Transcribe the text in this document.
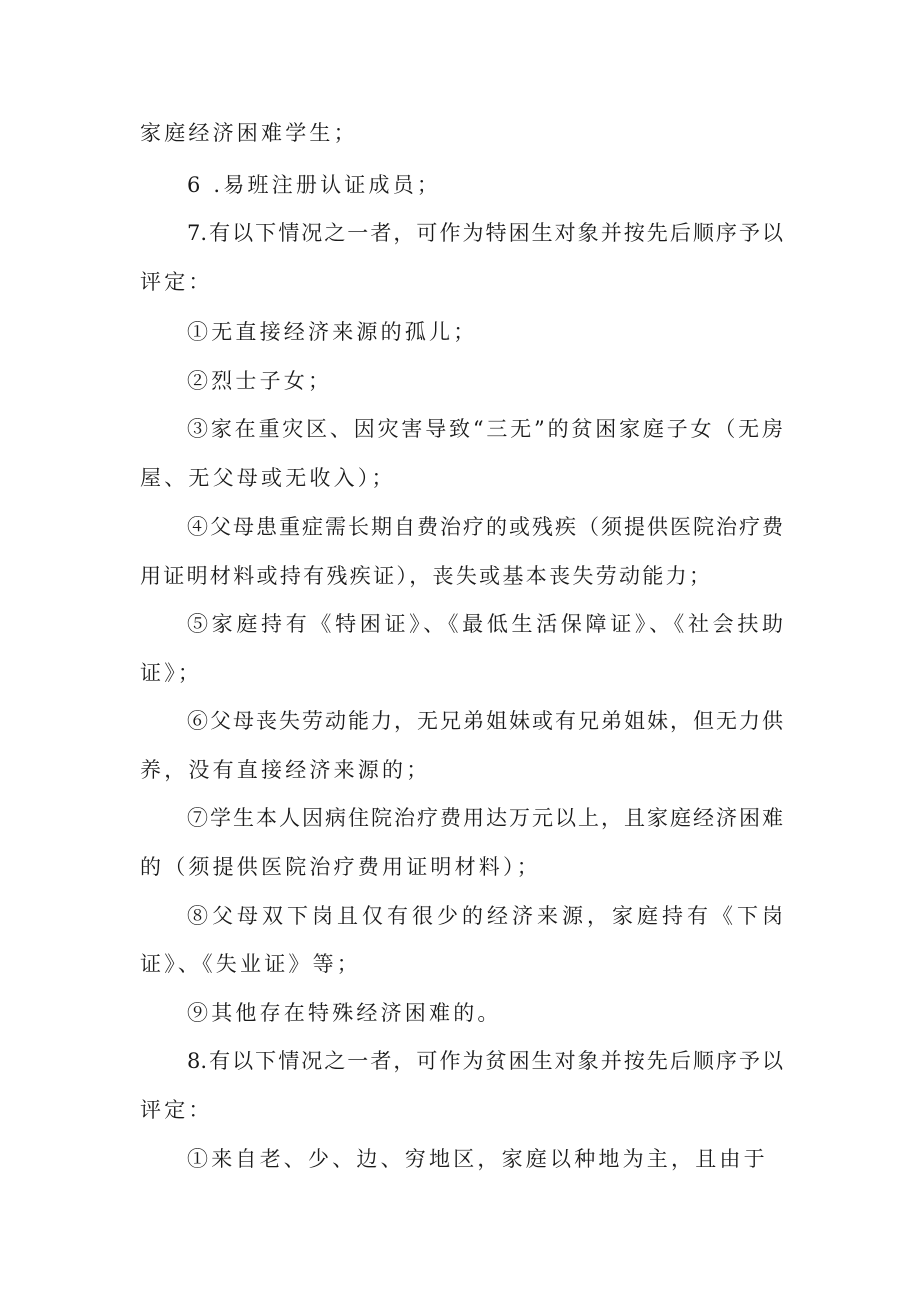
家庭经济困难学生；
6 .易班注册认证成员；
7.有以下情况之一者，可作为特困生对象并按先后顺序予以
评定：
①无直接经济来源的孤儿；
②烈士子女；
③家在重灾区、因灾害导致“三无”的贫困家庭子女（无房
屋、无父母或无收入）；
④父母患重症需长期自费治疗的或残疾（须提供医院治疗费
用证明材料或持有残疾证），丧失或基本丧失劳动能力；
⑤家庭持有《特困证》、《最低生活保障证》、《社会扶助
证》；
⑥父母丧失劳动能力，无兄弟姐妹或有兄弟姐妹，但无力供
养，没有直接经济来源的；
⑦学生本人因病住院治疗费用达万元以上，且家庭经济困难
的（须提供医院治疗费用证明材料）；
⑧父母双下岗且仅有很少的经济来源，家庭持有《下岗
证》、《失业证》等；
⑨其他存在特殊经济困难的。
8.有以下情况之一者，可作为贫困生对象并按先后顺序予以
评定：
①来自老、少、边、穷地区，家庭以种地为主，且由于
